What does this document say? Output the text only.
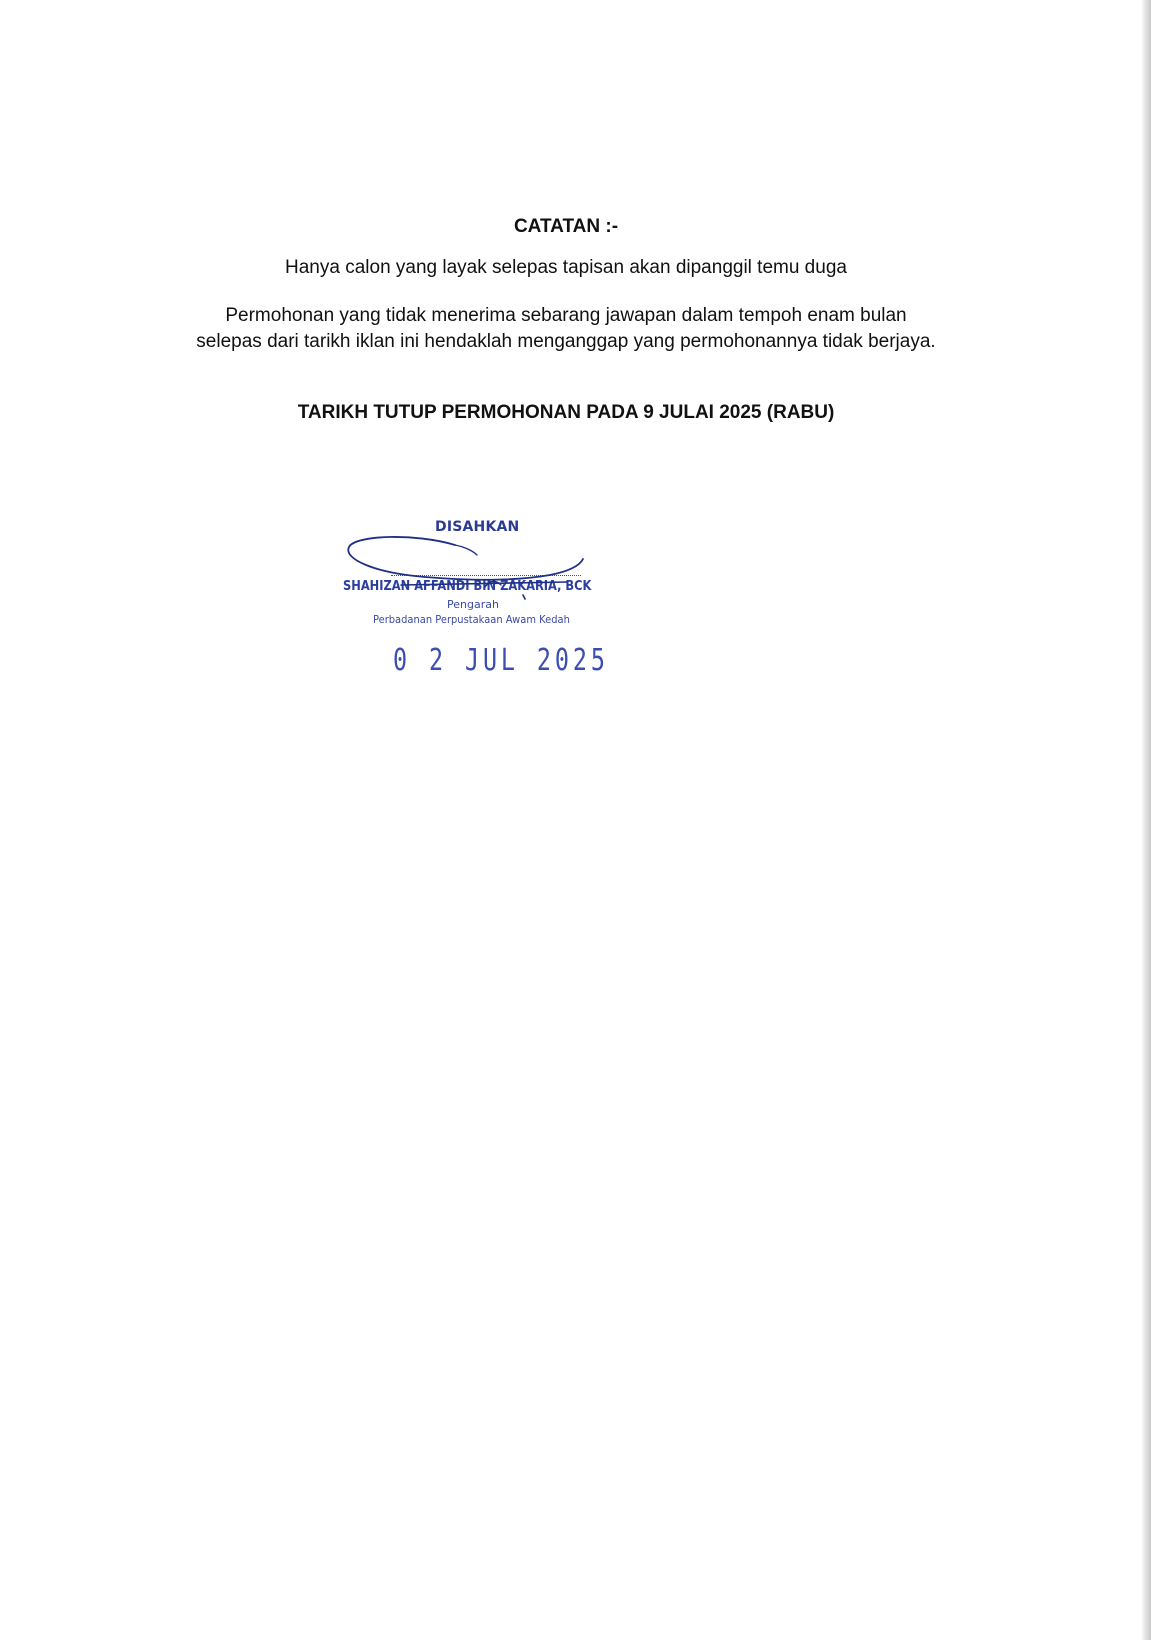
CATATAN :-
Hanya calon yang layak selepas tapisan akan dipanggil temu duga
Permohonan yang tidak menerima sebarang jawapan dalam tempoh enam bulan
selepas dari tarikh iklan ini hendaklah menganggap yang permohonannya tidak berjaya.
TARIKH TUTUP PERMOHONAN PADA 9 JULAI 2025 (RABU)
DISAHKAN
SHAHIZAN AFFANDI BIN ZAKARIA, BCK
Pengarah
Perbadanan Perpustakaan Awam Kedah
0 2 JUL 2025
